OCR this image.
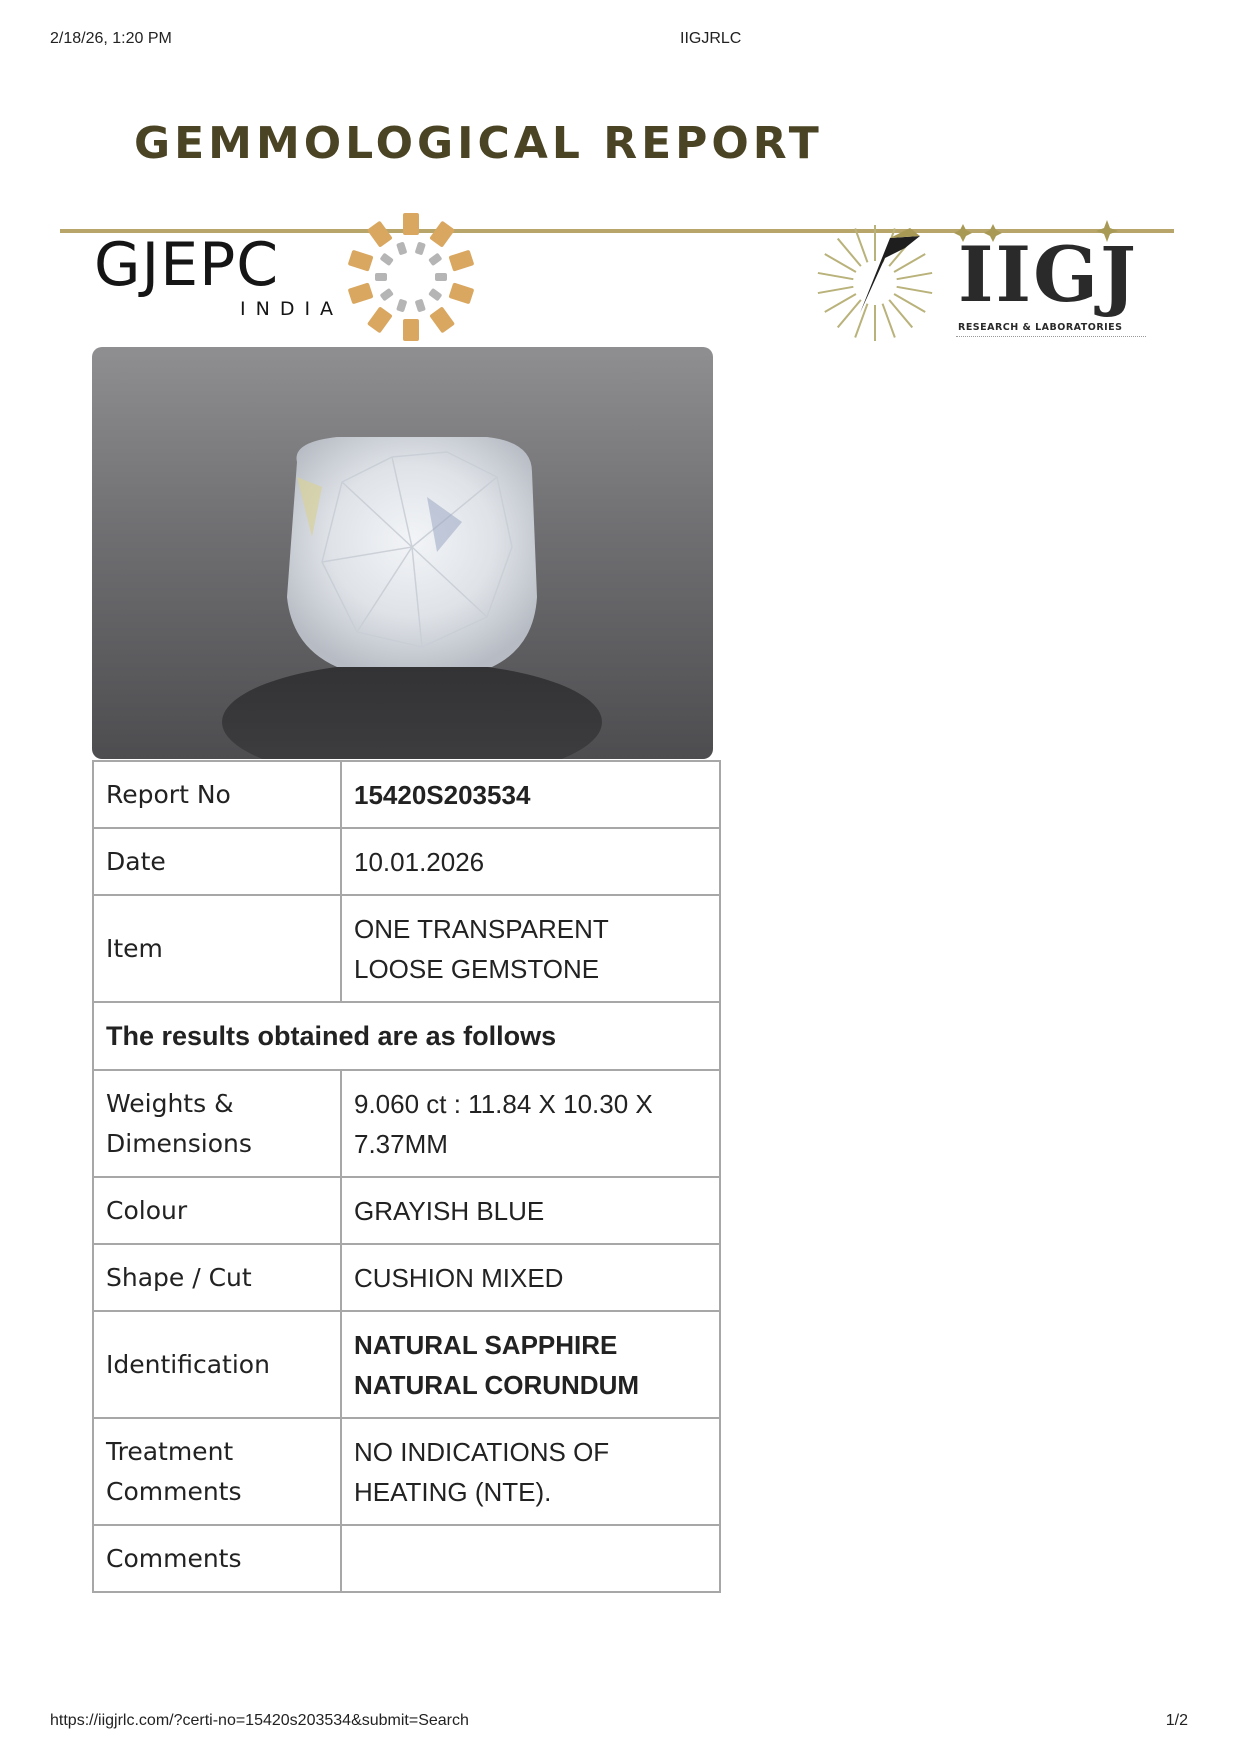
2/18/26, 1:20 PM	IIGJRLC
GEMMOLOGICAL REPORT
GJEPC
INDIA	IIGJ
RESEARCH & LABORATORIES
Report No	15420S203534
Date	10.01.2026
Item	ONE TRANSPARENT
LOOSE GEMSTONE

The results obtained are as follows	

Weights &
Dimensions	9.060 ct : 11.84 X 10.30 X
7.37MM

Colour	GRAYISH BLUE
Shape / Cut	CUSHION MIXED
Identification	NATURAL SAPPHIRE
NATURAL CORUNDUM

Treatment
Comments	NO INDICATIONS OF
HEATING (NTE).

Comments	
https://iigjrlc.com/?certi-no=15420s203534&submit=Search	1/2
